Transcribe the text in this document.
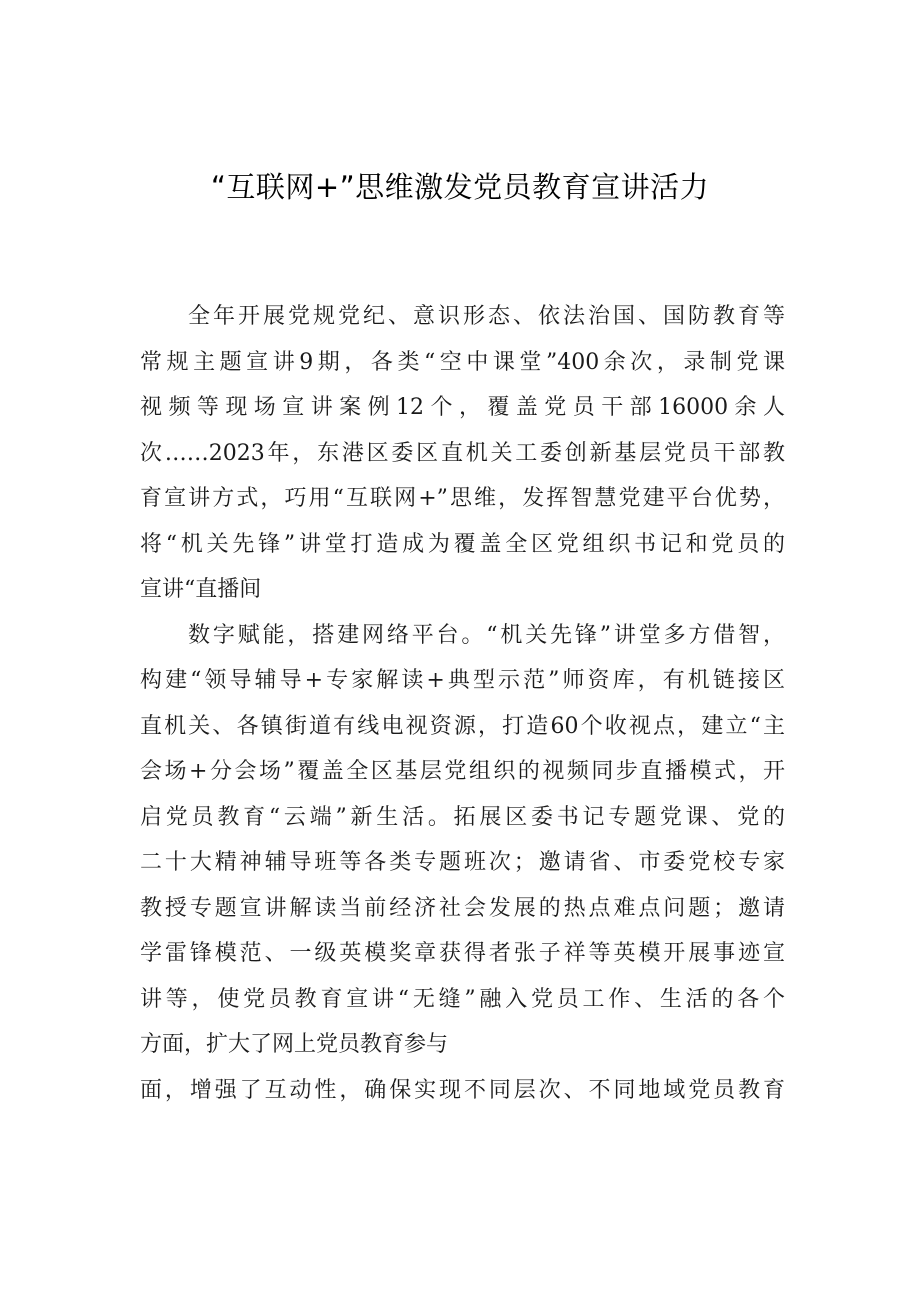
“互联网+”思维激发党员教育宣讲活力
全年开展党规党纪、意识形态、依法治国、国防教育等
常规主题宣讲9期，各类“空中课堂”400余次，录制党课
视频等现场宣讲案例12个，覆盖党员干部16000余人
次……2023年，东港区委区直机关工委创新基层党员干部教
育宣讲方式，巧用“互联网+”思维，发挥智慧党建平台优势，
将“机关先锋”讲堂打造成为覆盖全区党组织书记和党员的
宣讲“直播间
数字赋能，搭建网络平台。“机关先锋”讲堂多方借智，
构建“领导辅导+专家解读+典型示范”师资库，有机链接区
直机关、各镇街道有线电视资源，打造60个收视点，建立“主
会场+分会场”覆盖全区基层党组织的视频同步直播模式，开
启党员教育“云端”新生活。拓展区委书记专题党课、党的
二十大精神辅导班等各类专题班次；邀请省、市委党校专家
教授专题宣讲解读当前经济社会发展的热点难点问题；邀请
学雷锋模范、一级英模奖章获得者张子祥等英模开展事迹宣
讲等，使党员教育宣讲“无缝”融入党员工作、生活的各个
方面，扩大了网上党员教育参与
面，增强了互动性，确保实现不同层次、不同地域党员教育
